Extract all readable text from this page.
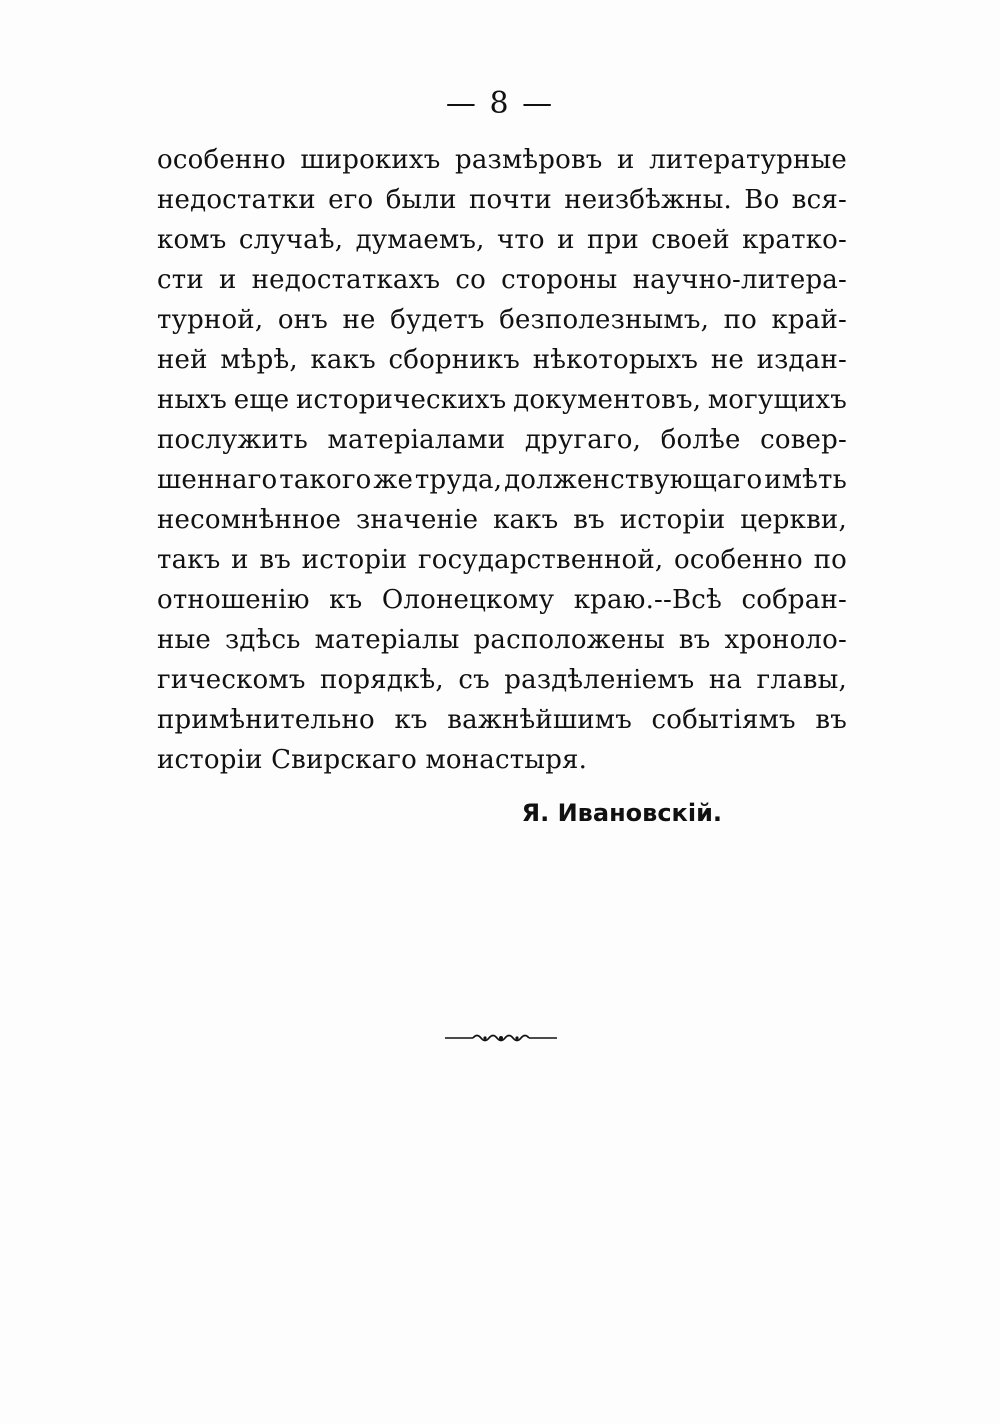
— 8 —
особенно широкихъ размѣровъ и литературные
недостатки его были почти неизбѣжны. Во вся-
комъ случаѣ, думаемъ, что и при своей кратко-
сти и недостаткахъ со стороны научно-литера-
турной, онъ не будетъ безполезнымъ, по край-
ней мѣрѣ, какъ сборникъ нѣкоторыхъ не издан-
ныхъ еще историческихъ документовъ, могущихъ
послужить матеріалами другаго, болѣе совер-
шеннаго такого же труда, долженствующаго имѣть
несомнѣнное значеніе какъ въ исторіи церкви,
такъ и въ исторіи государственной, особенно по
отношенію къ Олонецкому краю.--Всѣ собран-
ные здѣсь матеріалы расположены въ хроноло-
гическомъ порядкѣ, съ раздѣленіемъ на главы,
примѣнительно къ важнѣйшимъ событіямъ въ
исторіи Свирскаго монастыря.
Я. Ивановскій.
